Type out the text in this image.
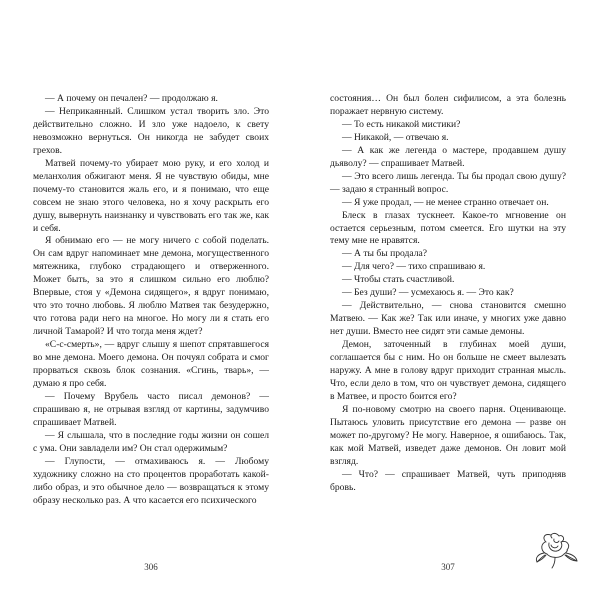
— А почему он печален? — продолжаю я.

— Неприкаянный. Слишком устал творить зло. Это действительно сложно. И зло уже надоело, к свету невозможно вернуться. Он никогда не забудет своих грехов.

Матвей почему-то убирает мою руку, и его холод и меланхолия обжигают меня. Я не чувствую обиды, мне почему-то становится жаль его, и я понимаю, что еще совсем не знаю этого человека, но я хочу раскрыть его душу, вывернуть наизнанку и чувствовать его так же, как и себя.

Я обнимаю его — не могу ничего с собой поделать. Он сам вдруг напоминает мне демона, могущественного мятежника, глубоко страдающего и отверженного. Может быть, за это я слишком сильно его люблю? Впервые, стоя у «Демона сидящего», я вдруг понимаю, что это точно любовь. Я люблю Матвея так безудержно, что готова ради него на многое. Но могу ли я стать его личной Тамарой? И что тогда меня ждет?

«С-с-смерть», — вдруг слышу я шепот спрятавшегося во мне демона. Моего демона. Он почуял собрата и смог прорваться сквозь блок сознания. «Сгинь, тварь», — думаю я про себя.

— Почему Врубель часто писал демонов? — спрашиваю я, не отрывая взгляд от картины, задумчиво спрашивает Матвей.

— Я слышала, что в последние годы жизни он сошел с ума. Они завладели им? Он стал одержимым?

— Глупости, — отмахиваюсь я. — Любому художнику сложно на сто процентов проработать какой-либо образ, и это обычное дело — возвращаться к этому образу несколько раз. А что касается его психического

306

состояния… Он был болен сифилисом, а эта болезнь поражает нервную систему.

— То есть никакой мистики?

— Никакой, — отвечаю я.

— А как же легенда о мастере, продавшем душу дьяволу? — спрашивает Матвей.

— Это всего лишь легенда. Ты бы продал свою душу? — задаю я странный вопрос.

— Я уже продал, — не менее странно отвечает он.

Блеск в глазах тускнеет. Какое-то мгновение он остается серьезным, потом смеется. Его шутки на эту тему мне не нравятся.

— А ты бы продала?

— Для чего? — тихо спрашиваю я.

— Чтобы стать счастливой.

— Без души? — усмехаюсь я. — Это как?

— Действительно, — снова становится смешно Матвею. — Как же? Так или иначе, у многих уже давно нет души. Вместо нее сидят эти самые демоны.

Демон, заточенный в глубинах моей души, соглашается бы с ним. Но он больше не смеет вылезать наружу. А мне в голову вдруг приходит странная мысль. Что, если дело в том, что он чувствует демона, сидящего в Матвее, и просто боится его?

Я по-новому смотрю на своего парня. Оценивающе. Пытаюсь уловить присутствие его демона — разве он может по-другому? Не могу. Наверное, я ошибаюсь. Так, как мой Матвей, изведет даже демонов. Он ловит мой взгляд.

— Что? — спрашивает Матвей, чуть приподняв бровь.

307
